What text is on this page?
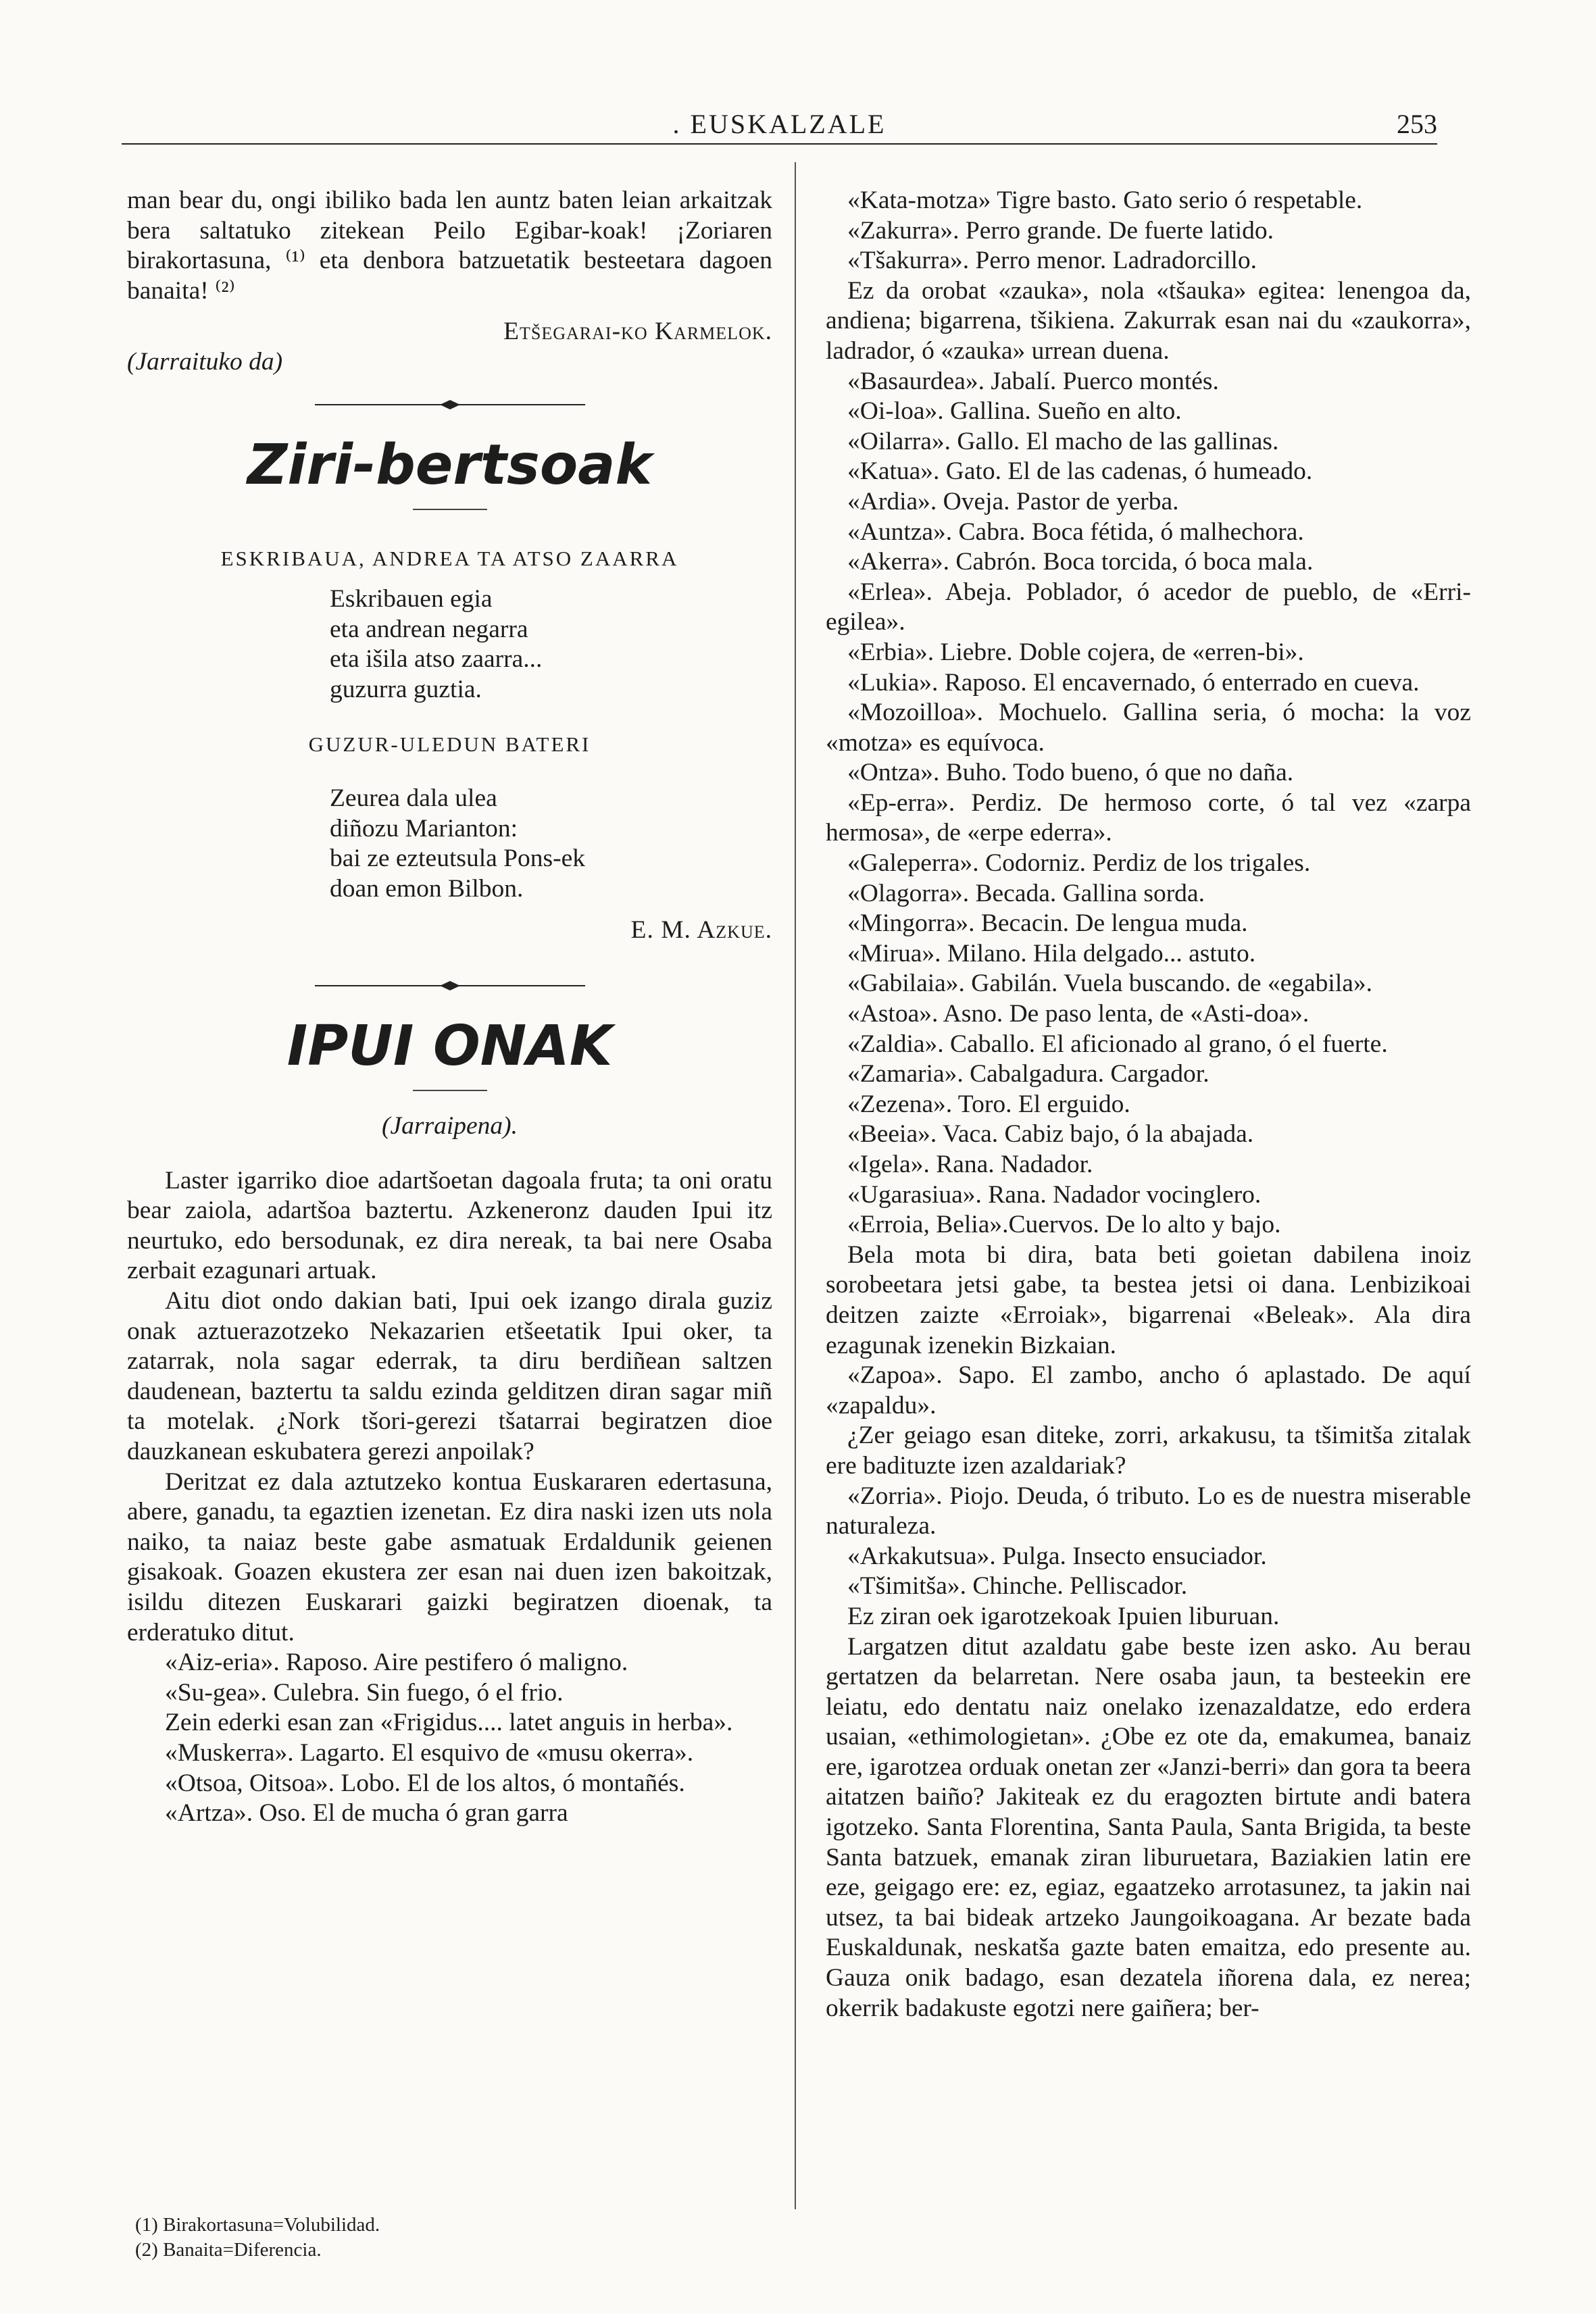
. EUSKALZALE	253

man bear du, ongi ibiliko bada len auntz baten leian arkaitzak bera saltatuko zitekean Peilo Egibar-koak! ¡Zoriaren birakortasuna, ⁽¹⁾ eta denbora batzuetatik besteetara dagoen banaita! ⁽²⁾

Etšegarai-ko Karmelok.

(Jarraituko da)

Ziri-bertsoak
ESKRIBAUA, ANDREA TA ATSO ZAARRA
Eskribauen egia
eta andrean negarra
eta išila atso zaarra...
guzurra guztia.
GUZUR-ULEDUN BATERI
Zeurea dala ulea
diñozu Marianton:
bai ze ezteutsula Pons-ek
doan emon Bilbon.

E. M. Azkue.

IPUI ONAK

(Jarraipena).

Laster igarriko dioe adartšoetan dagoala fruta; ta oni oratu bear zaiola, adartšoa baztertu. Azkeneronz dauden Ipui itz neurtuko, edo bersodunak, ez dira nereak, ta bai nere Osaba zerbait ezagunari artuak.

Aitu diot ondo dakian bati, Ipui oek izango dirala guziz onak aztuerazotzeko Nekazarien etšeetatik Ipui oker, ta zatarrak, nola sagar ederrak, ta diru berdiñean saltzen daudenean, baztertu ta saldu ezinda gelditzen diran sagar miñ ta motelak. ¿Nork tšori-gerezi tšatarrai begiratzen dioe dauzkanean eskubatera gerezi anpoilak?

Deritzat ez dala aztutzeko kontua Euskararen edertasuna, abere, ganadu, ta egaztien izenetan. Ez dira naski izen uts nola naiko, ta naiaz beste gabe asmatuak Erdaldunik geienen gisakoak. Goazen ekustera zer esan nai duen izen bakoitzak, isildu ditezen Euskarari gaizki begiratzen dioenak, ta erderatuko ditut.

«Aiz-eria». Raposo. Aire pestifero ó maligno.

«Su-gea». Culebra. Sin fuego, ó el frio.

Zein ederki esan zan «Frigidus.... latet anguis in herba».

«Muskerra». Lagarto. El esquivo de «musu okerra».

«Otsoa, Oitsoa». Lobo. El de los altos, ó montañés.

«Artza». Oso. El de mucha ó gran garra

«Kata-motza» Tigre basto. Gato serio ó respetable.

«Zakurra». Perro grande. De fuerte latido.

«Tšakurra». Perro menor. Ladradorcillo.

Ez da orobat «zauka», nola «tšauka» egitea: lenengoa da, andiena; bigarrena, tšikiena. Zakurrak esan nai du «zaukorra», ladrador, ó «zauka» urrean duena.

«Basaurdea». Jabalí. Puerco montés.

«Oi-loa». Gallina. Sueño en alto.

«Oilarra». Gallo. El macho de las gallinas.

«Katua». Gato. El de las cadenas, ó humeado.

«Ardia». Oveja. Pastor de yerba.

«Auntza». Cabra. Boca fétida, ó malhechora.

«Akerra». Cabrón. Boca torcida, ó boca mala.

«Erlea». Abeja. Poblador, ó acedor de pueblo, de «Erri-egilea».

«Erbia». Liebre. Doble cojera, de «erren-bi».

«Lukia». Raposo. El encavernado, ó enterrado en cueva.

«Mozoilloa». Mochuelo. Gallina seria, ó mocha: la voz «motza» es equívoca.

«Ontza». Buho. Todo bueno, ó que no daña.

«Ep-erra». Perdiz. De hermoso corte, ó tal vez «zarpa hermosa», de «erpe ederra».

«Galeperra». Codorniz. Perdiz de los trigales.

«Olagorra». Becada. Gallina sorda.

«Mingorra». Becacin. De lengua muda.

«Mirua». Milano. Hila delgado... astuto.

«Gabilaia». Gabilán. Vuela buscando. de «egabila».

«Astoa». Asno. De paso lenta, de «Asti-doa».

«Zaldia». Caballo. El aficionado al grano, ó el fuerte.

«Zamaria». Cabalgadura. Cargador.

«Zezena». Toro. El erguido.

«Beeia». Vaca. Cabiz bajo, ó la abajada.

«Igela». Rana. Nadador.

«Ugarasiua». Rana. Nadador vocinglero.

«Erroia, Belia».Cuervos. De lo alto y bajo.

Bela mota bi dira, bata beti goietan dabilena inoiz sorobeetara jetsi gabe, ta bestea jetsi oi dana. Lenbizikoai deitzen zaizte «Erroiak», bigarrenai «Beleak». Ala dira ezagunak izenekin Bizkaian.

«Zapoa». Sapo. El zambo, ancho ó aplastado. De aquí «zapaldu».

¿Zer geiago esan diteke, zorri, arkakusu, ta tšimitša zitalak ere badituzte izen azaldariak?

«Zorria». Piojo. Deuda, ó tributo. Lo es de nuestra miserable naturaleza.

«Arkakutsua». Pulga. Insecto ensuciador.

«Tšimitša». Chinche. Pelliscador.

Ez ziran oek igarotzekoak Ipuien liburuan.

Largatzen ditut azaldatu gabe beste izen asko. Au berau gertatzen da belarretan. Nere osaba jaun, ta besteekin ere leiatu, edo dentatu naiz onelako izenazaldatze, edo erdera usaian, «ethimologietan». ¿Obe ez ote da, emakumea, banaiz ere, igarotzea orduak onetan zer «Janzi-berri» dan gora ta beera aitatzen baiño? Jakiteak ez du eragozten birtute andi batera igotzeko. Santa Florentina, Santa Paula, Santa Brigida, ta beste Santa batzuek, emanak ziran liburuetara, Baziakien latin ere eze, geigago ere: ez, egiaz, egaatzeko arrotasunez, ta jakin nai utsez, ta bai bideak artzeko Jaungoikoagana. Ar bezate bada Euskaldunak, neskatša gazte baten emaitza, edo presente au. Gauza onik badago, esan dezatela iñorena dala, ez nerea; okerrik badakuste egotzi nere gaiñera; ber-

(1) Birakortasuna=Volubilidad.
(2) Banaita=Diferencia.
